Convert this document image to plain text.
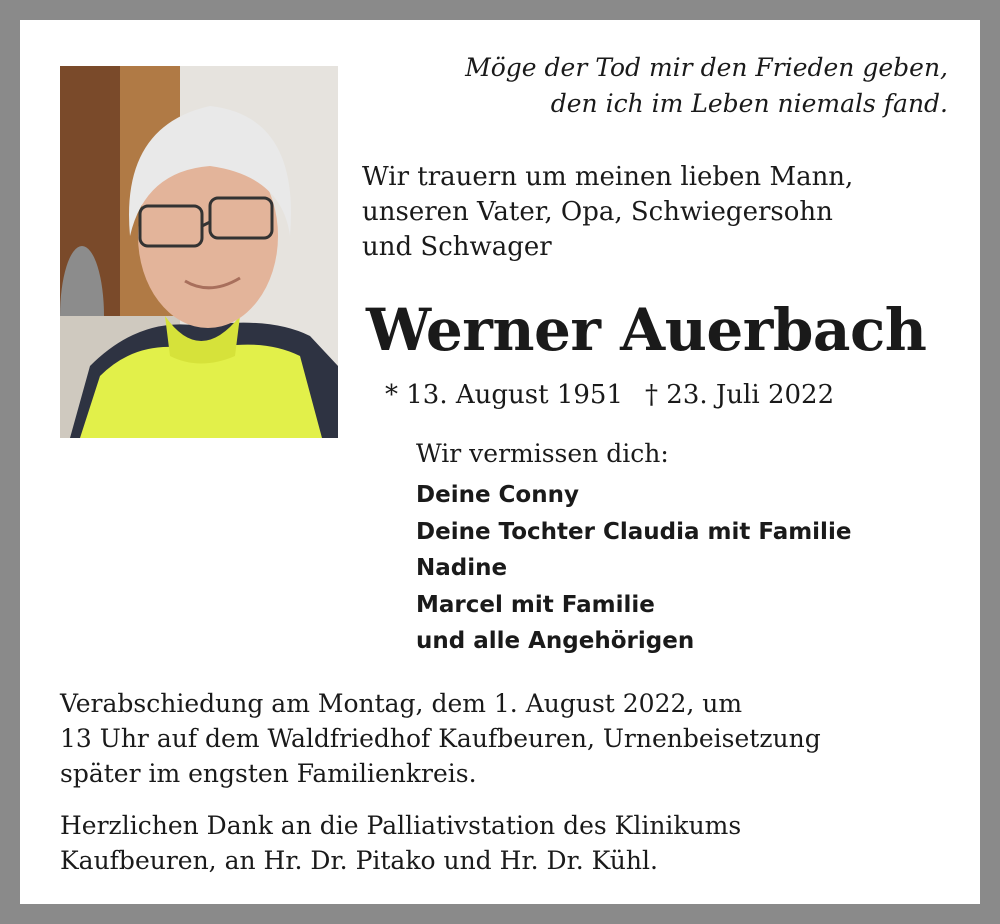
Möge der Tod mir den Frieden geben,
den ich im Leben niemals fand.
Wir trauern um meinen lieben Mann,
unseren Vater, Opa, Schwiegersohn
und Schwager
Werner Auerbach
* 13. August 1951 † 23. Juli 2022
Wir vermissen dich:
Deine Conny
Deine Tochter Claudia mit Familie
Nadine
Marcel mit Familie
und alle Angehörigen
Verabschiedung am Montag, dem 1. August 2022, um
13 Uhr auf dem Waldfriedhof Kaufbeuren, Urnenbeisetzung
später im engsten Familienkreis.
Herzlichen Dank an die Palliativstation des Klinikums
Kaufbeuren, an Hr. Dr. Pitako und Hr. Dr. Kühl.
